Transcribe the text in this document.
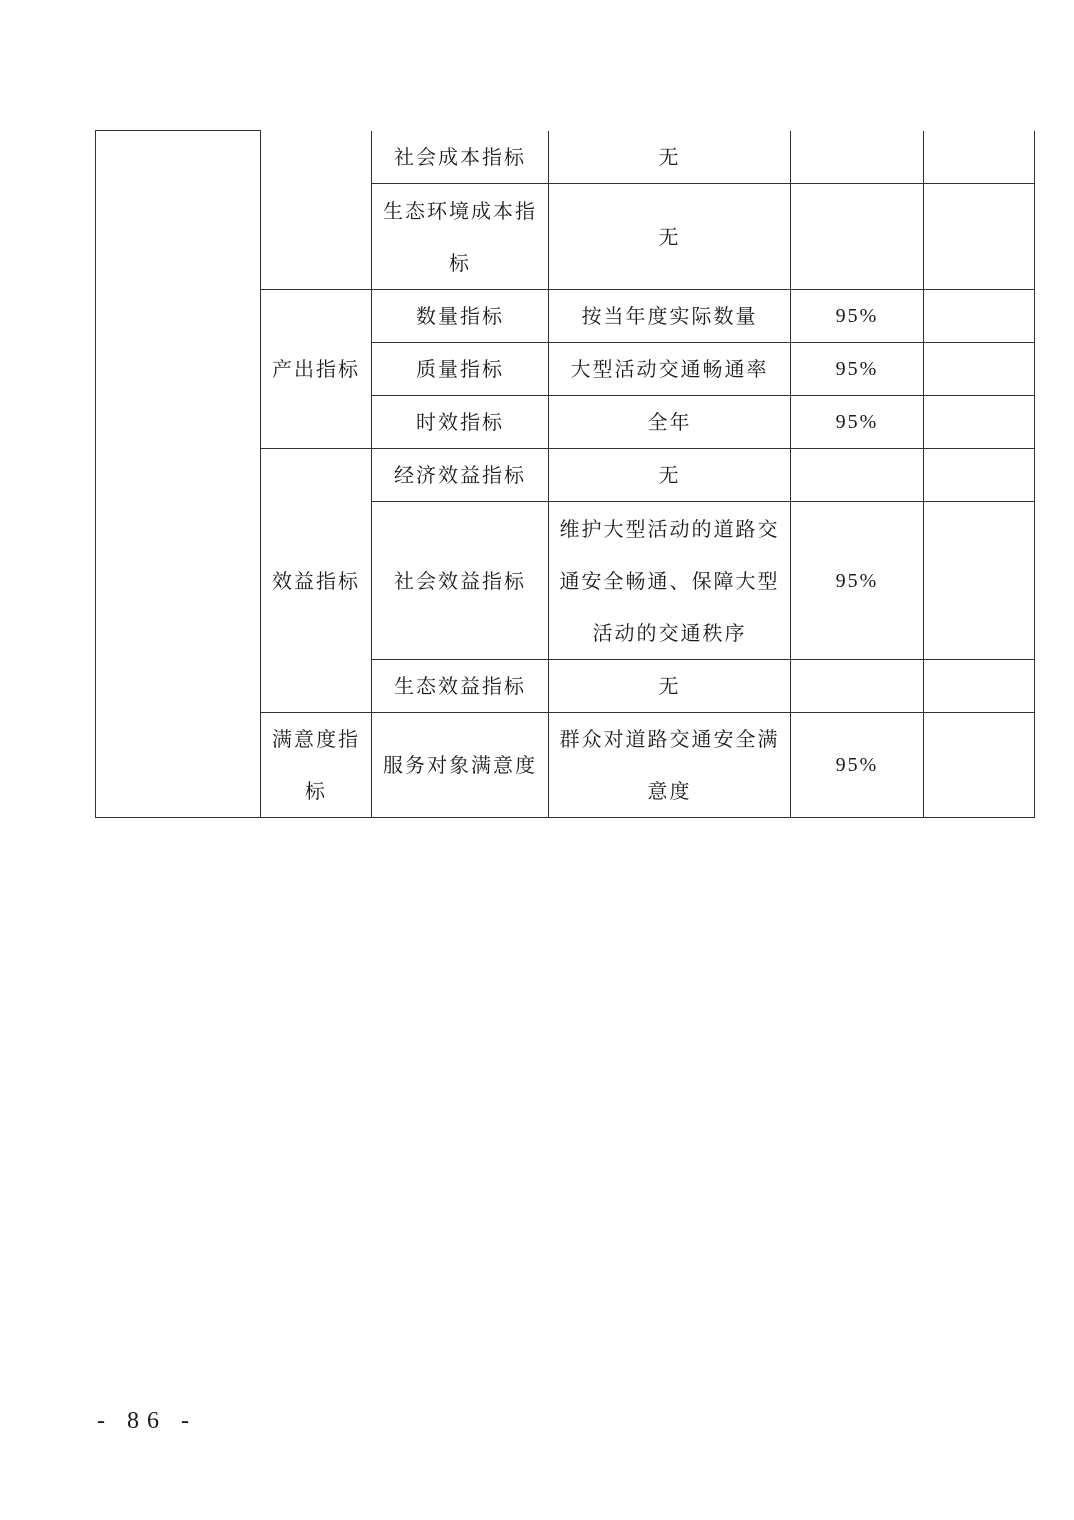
		社会成本指标	无		
		生态环境成本指标	无		
	产出指标	数量指标	按当年度实际数量	95%	
		质量指标	大型活动交通畅通率	95%	
		时效指标	全年	95%	
	效益指标	经济效益指标	无		
		社会效益指标	维护大型活动的道路交通安全畅通、保障大型活动的交通秩序	95%	
		生态效益指标	无		
	满意度指标	服务对象满意度	群众对道路交通安全满意度	95%	
- 86 -
